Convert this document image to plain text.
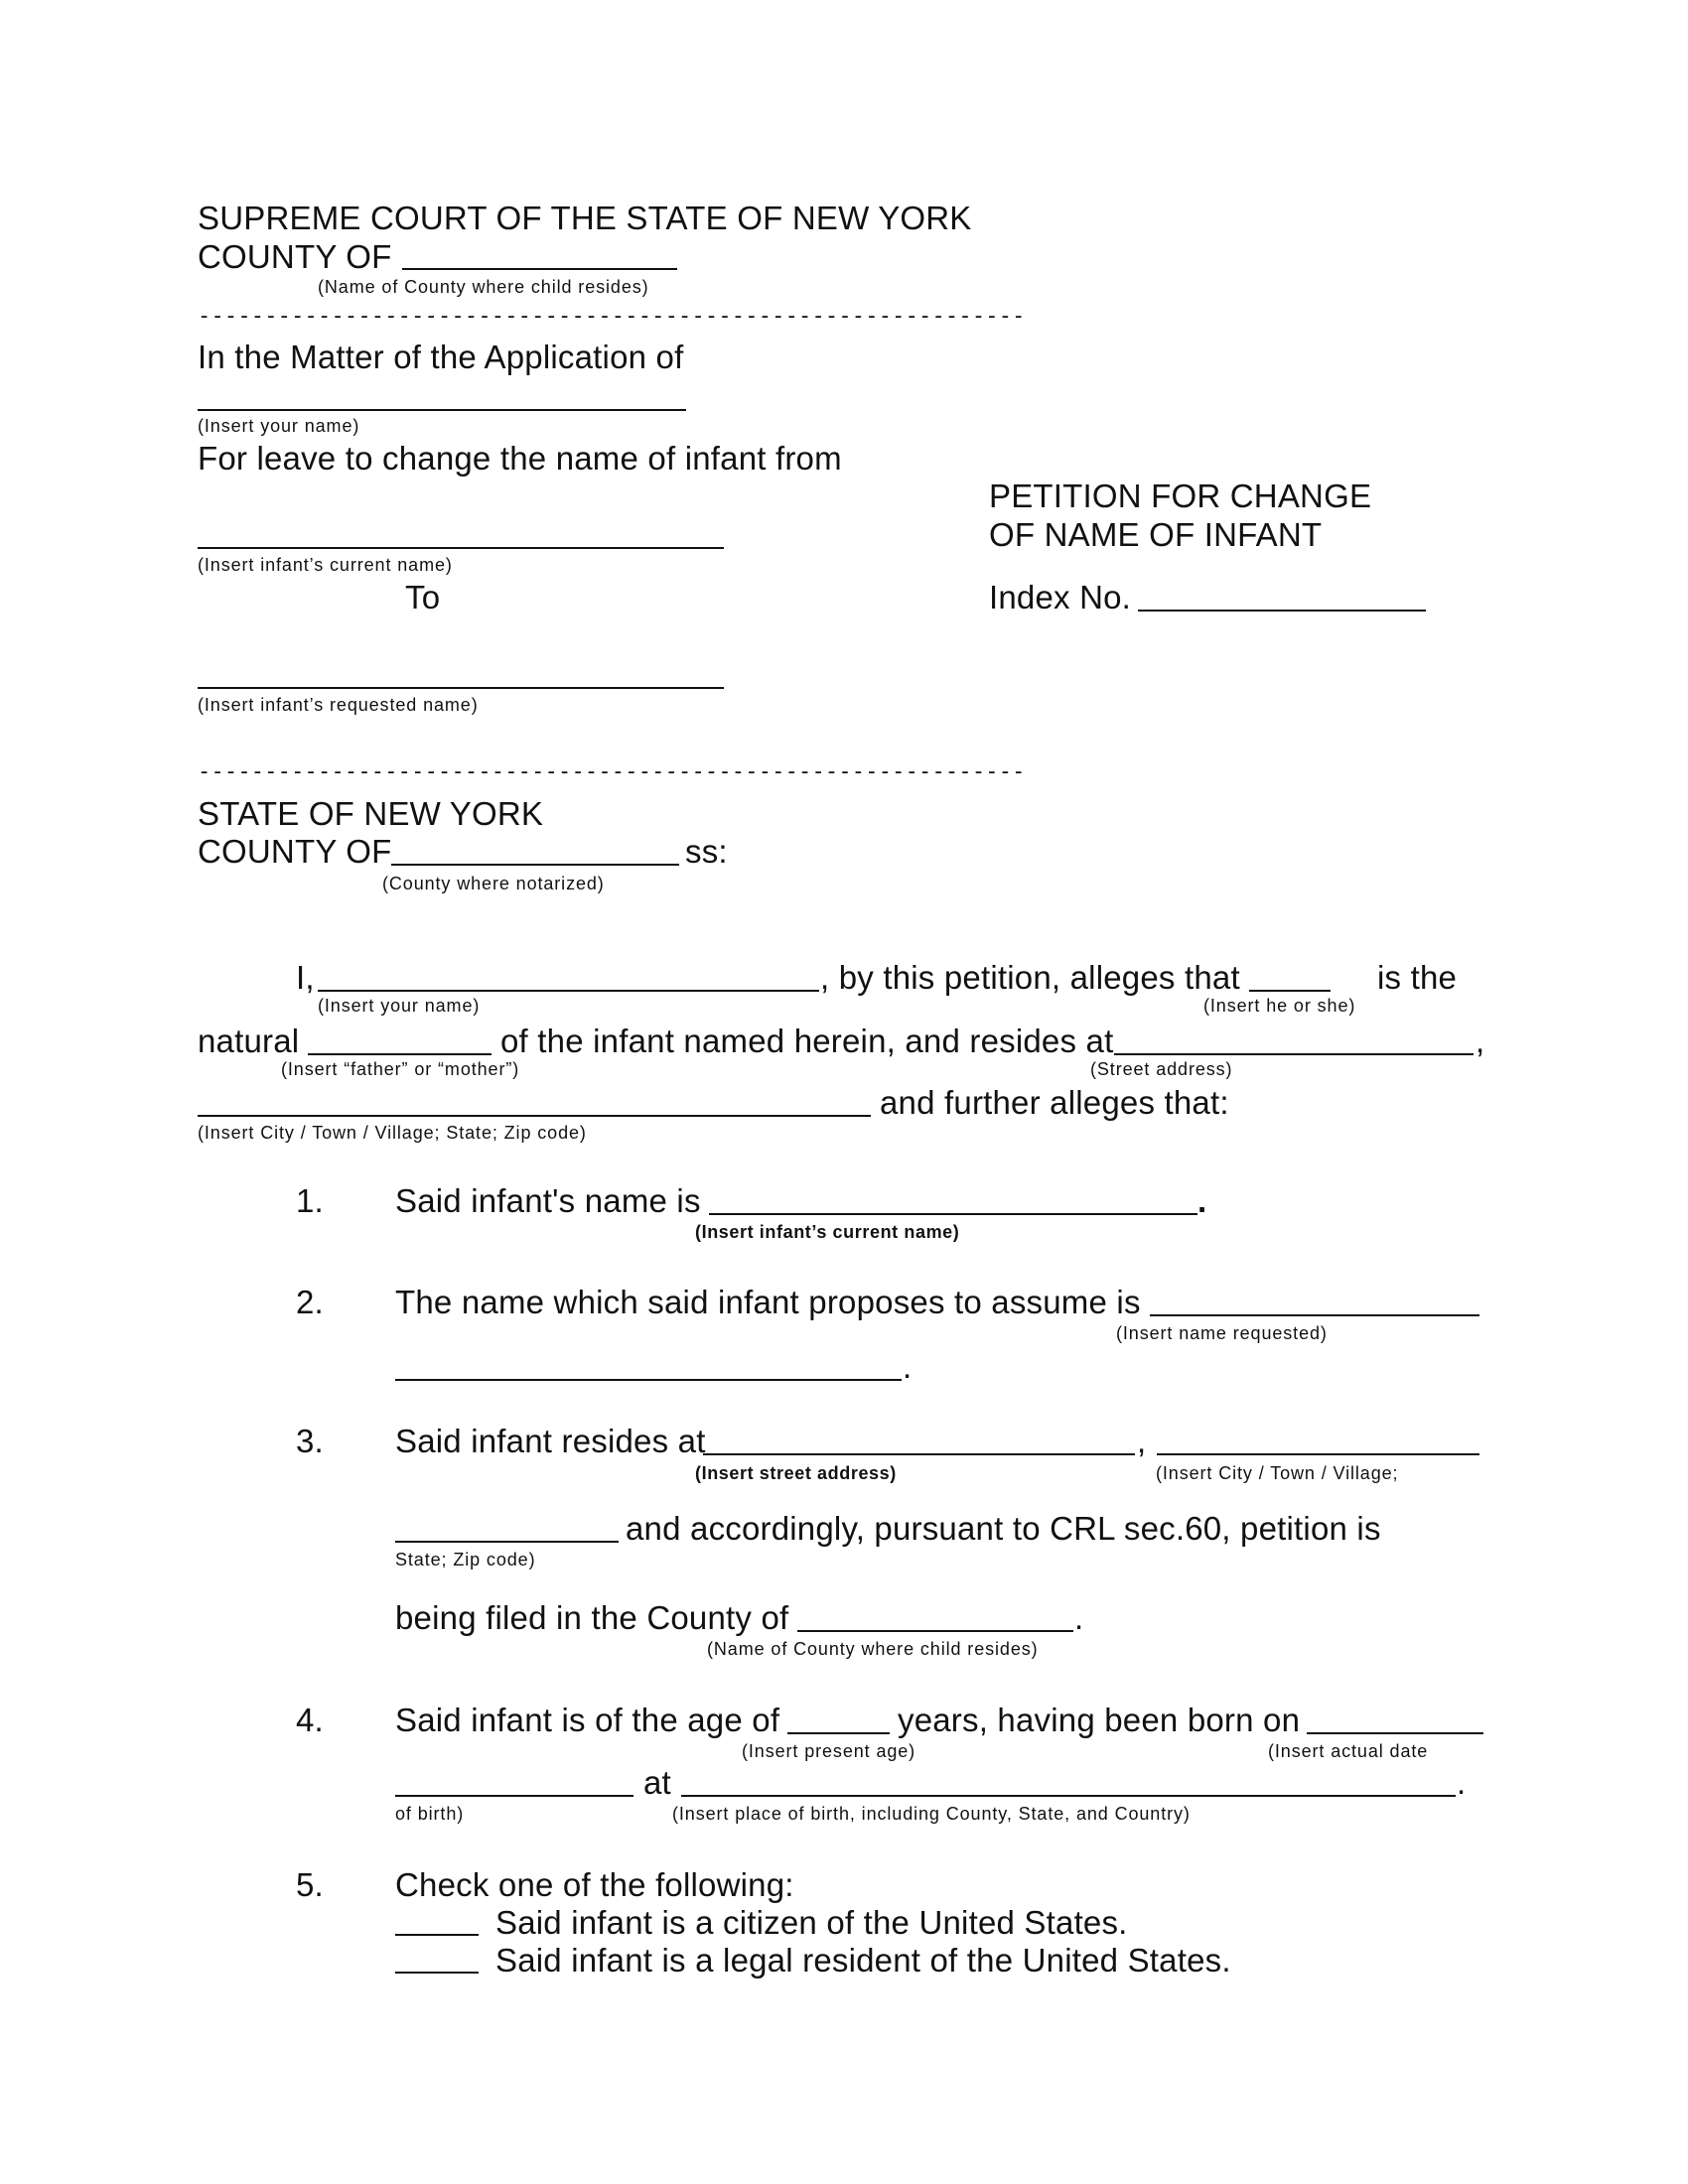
SUPREME COURT OF THE STATE OF NEW YORK
COUNTY OF
(Name of County where child resides)
--------------------------------------------------------------
In the Matter of the Application of
(Insert your name)
For leave to change the name of infant from
(Insert infant’s current name)
To
(Insert infant’s requested name)
PETITION FOR CHANGE
OF NAME OF INFANT
Index No.
--------------------------------------------------------------
STATE OF NEW YORK
COUNTY OF	ss:
(County where notarized)
I,	, by this petition, alleges that	is the
(Insert your name)	(Insert he or she)
natural	of the infant named herein, and resides at	,
(Insert “father” or “mother”)	(Street address)
and further alleges that:
(Insert City / Town / Village; State; Zip code)
1. Said infant's name is	.
(Insert infant’s current name)
2. The name which said infant proposes to assume is
(Insert name requested)
.
3. Said infant resides at	,
(Insert street address)	(Insert City / Town / Village;
and accordingly, pursuant to CRL sec.60, petition is
State; Zip code)
being filed in the County of	.
(Name of County where child resides)
4. Said infant is of the age of	years, having been born on
(Insert present age)	(Insert actual date
at	.
of birth)	(Insert place of birth, including County, State, and Country)
5. Check one of the following:
Said infant is a citizen of the United States.
Said infant is a legal resident of the United States.
